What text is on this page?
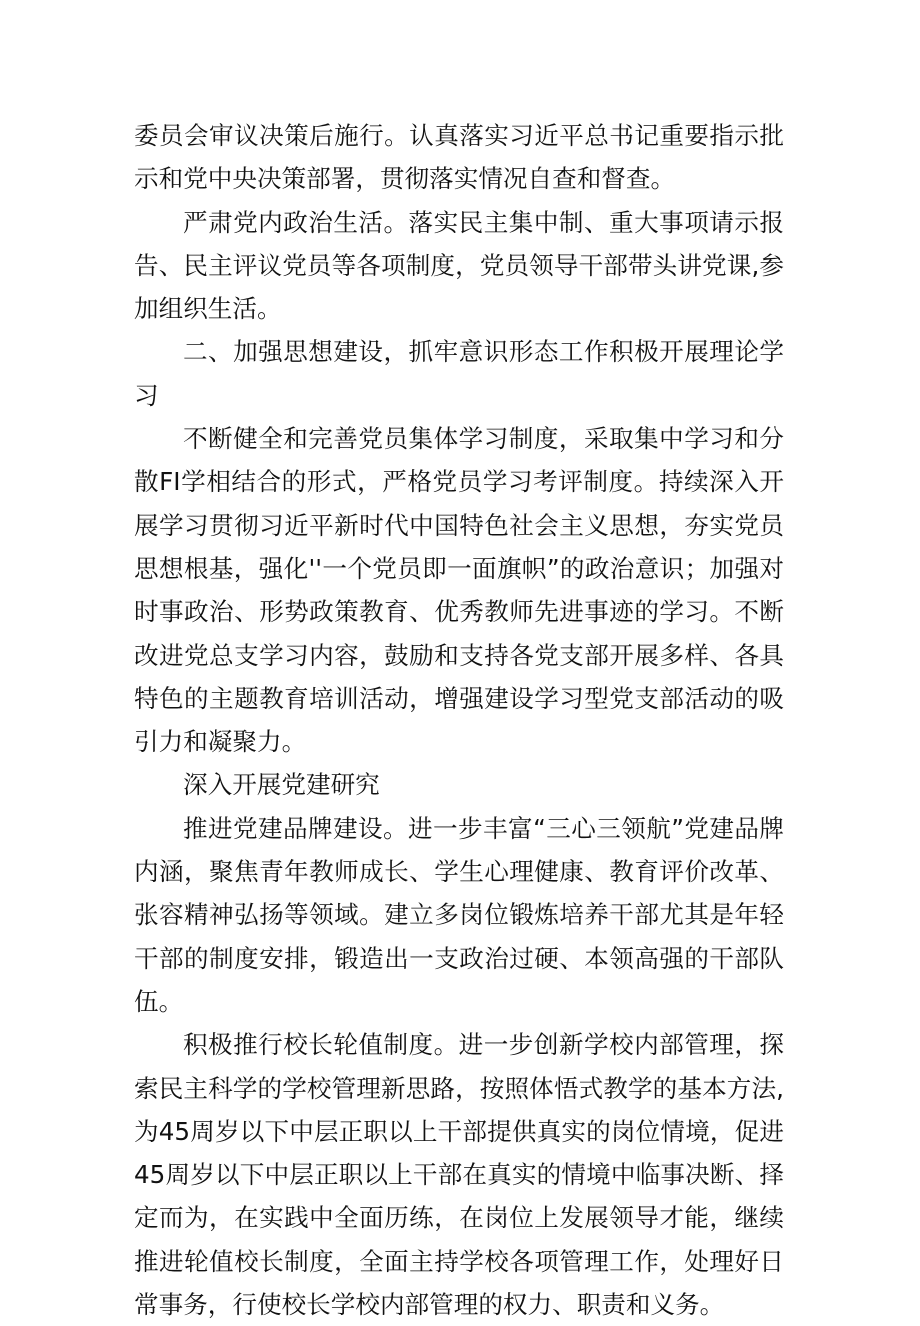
委员会审议决策后施行。认真落实习近平总书记重要指示批示和党中央决策部署，贯彻落实情况自查和督查。

严肃党内政治生活。落实民主集中制、重大事项请示报告、民主评议党员等各项制度，党员领导干部带头讲党课,参加组织生活。

二、加强思想建设，抓牢意识形态工作积极开展理论学习

不断健全和完善党员集体学习制度，采取集中学习和分散FI学相结合的形式，严格党员学习考评制度。持续深入开展学习贯彻习近平新时代中国特色社会主义思想，夯实党员思想根基，强化''一个党员即一面旗帜”的政治意识；加强对时事政治、形势政策教育、优秀教师先进事迹的学习。不断改进党总支学习内容，鼓励和支持各党支部开展多样、各具特色的主题教育培训活动，增强建设学习型党支部活动的吸引力和凝聚力。

深入开展党建研究

推进党建品牌建设。进一步丰富“三心三领航”党建品牌内涵，聚焦青年教师成长、学生心理健康、教育评价改革、张容精神弘扬等领域。建立多岗位锻炼培养干部尤其是年轻干部的制度安排，锻造出一支政治过硬、本领高强的干部队伍。

积极推行校长轮值制度。进一步创新学校内部管理，探索民主科学的学校管理新思路，按照体悟式教学的基本方法,为45周岁以下中层正职以上干部提供真实的岗位情境，促进45周岁以下中层正职以上干部在真实的情境中临事决断、择定而为，在实践中全面历练，在岗位上发展领导才能，继续推进轮值校长制度，全面主持学校各项管理工作，处理好日常事务，行使校长学校内部管理的权力、职责和义务。
